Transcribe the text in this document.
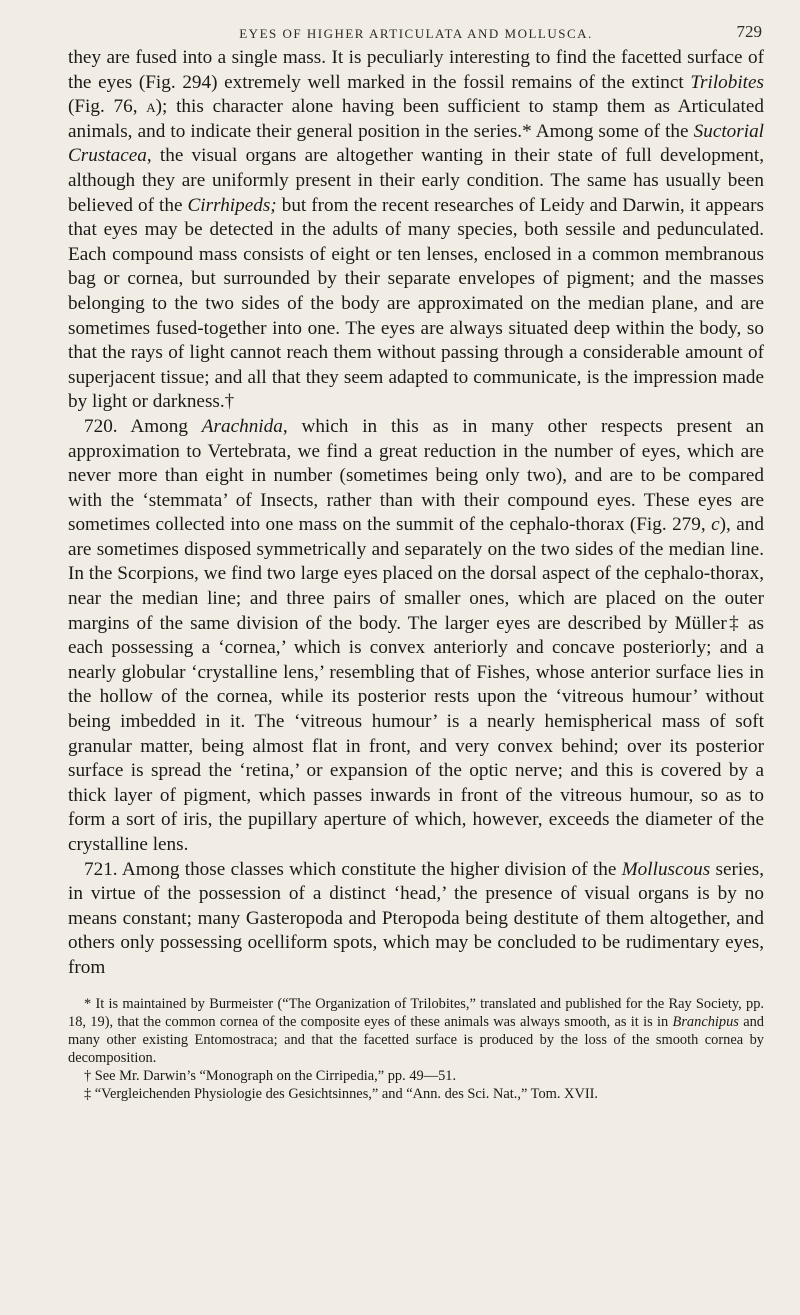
EYES OF HIGHER ARTICULATA AND MOLLUSCA.	729

they are fused into a single mass. It is peculiarly interesting to find the facetted surface of the eyes (Fig. 294) extremely well marked in the fossil remains of the extinct Trilobites (Fig. 76, a); this character alone having been sufficient to stamp them as Articulated animals, and to indicate their general position in the series.* Among some of the Suctorial Crustacea, the visual organs are altogether wanting in their state of full development, although they are uniformly present in their early condition. The same has usually been believed of the Cirrhipeds; but from the recent researches of Leidy and Darwin, it appears that eyes may be detected in the adults of many species, both sessile and pedunculated. Each compound mass consists of eight or ten lenses, enclosed in a common membranous bag or cornea, but surrounded by their separate envelopes of pigment; and the masses belonging to the two sides of the body are approximated on the median plane, and are sometimes fused-together into one. The eyes are always situated deep within the body, so that the rays of light cannot reach them without passing through a considerable amount of superjacent tissue; and all that they seem adapted to communicate, is the impression made by light or darkness.†

720. Among Arachnida, which in this as in many other respects present an approximation to Vertebrata, we find a great reduction in the number of eyes, which are never more than eight in number (sometimes being only two), and are to be compared with the ‘stemmata’ of Insects, rather than with their compound eyes. These eyes are sometimes collected into one mass on the summit of the cephalo-thorax (Fig. 279, c), and are sometimes disposed symmetrically and separately on the two sides of the median line. In the Scorpions, we find two large eyes placed on the dorsal aspect of the cephalo-thorax, near the median line; and three pairs of smaller ones, which are placed on the outer margins of the same division of the body. The larger eyes are described by Müller‡ as each possessing a ‘cornea,’ which is convex anteriorly and concave posteriorly; and a nearly globular ‘crystalline lens,’ resembling that of Fishes, whose anterior surface lies in the hollow of the cornea, while its posterior rests upon the ‘vitreous humour’ without being imbedded in it. The ‘vitreous humour’ is a nearly hemispherical mass of soft granular matter, being almost flat in front, and very convex behind; over its posterior surface is spread the ‘retina,’ or expansion of the optic nerve; and this is covered by a thick layer of pigment, which passes inwards in front of the vitreous humour, so as to form a sort of iris, the pupillary aperture of which, however, exceeds the diameter of the crystalline lens.

721. Among those classes which constitute the higher division of the Molluscous series, in virtue of the possession of a distinct ‘head,’ the presence of visual organs is by no means constant; many Gasteropoda and Pteropoda being destitute of them altogether, and others only possessing ocelliform spots, which may be concluded to be rudimentary eyes, from

* It is maintained by Burmeister (“The Organization of Trilobites,” translated and published for the Ray Society, pp. 18, 19), that the common cornea of the composite eyes of these animals was always smooth, as it is in Branchipus and many other existing Entomostraca; and that the facetted surface is produced by the loss of the smooth cornea by decomposition.

† See Mr. Darwin’s “Monograph on the Cirripedia,” pp. 49—51.

‡ “Vergleichenden Physiologie des Gesichtsinnes,” and “Ann. des Sci. Nat.,” Tom. XVII.
